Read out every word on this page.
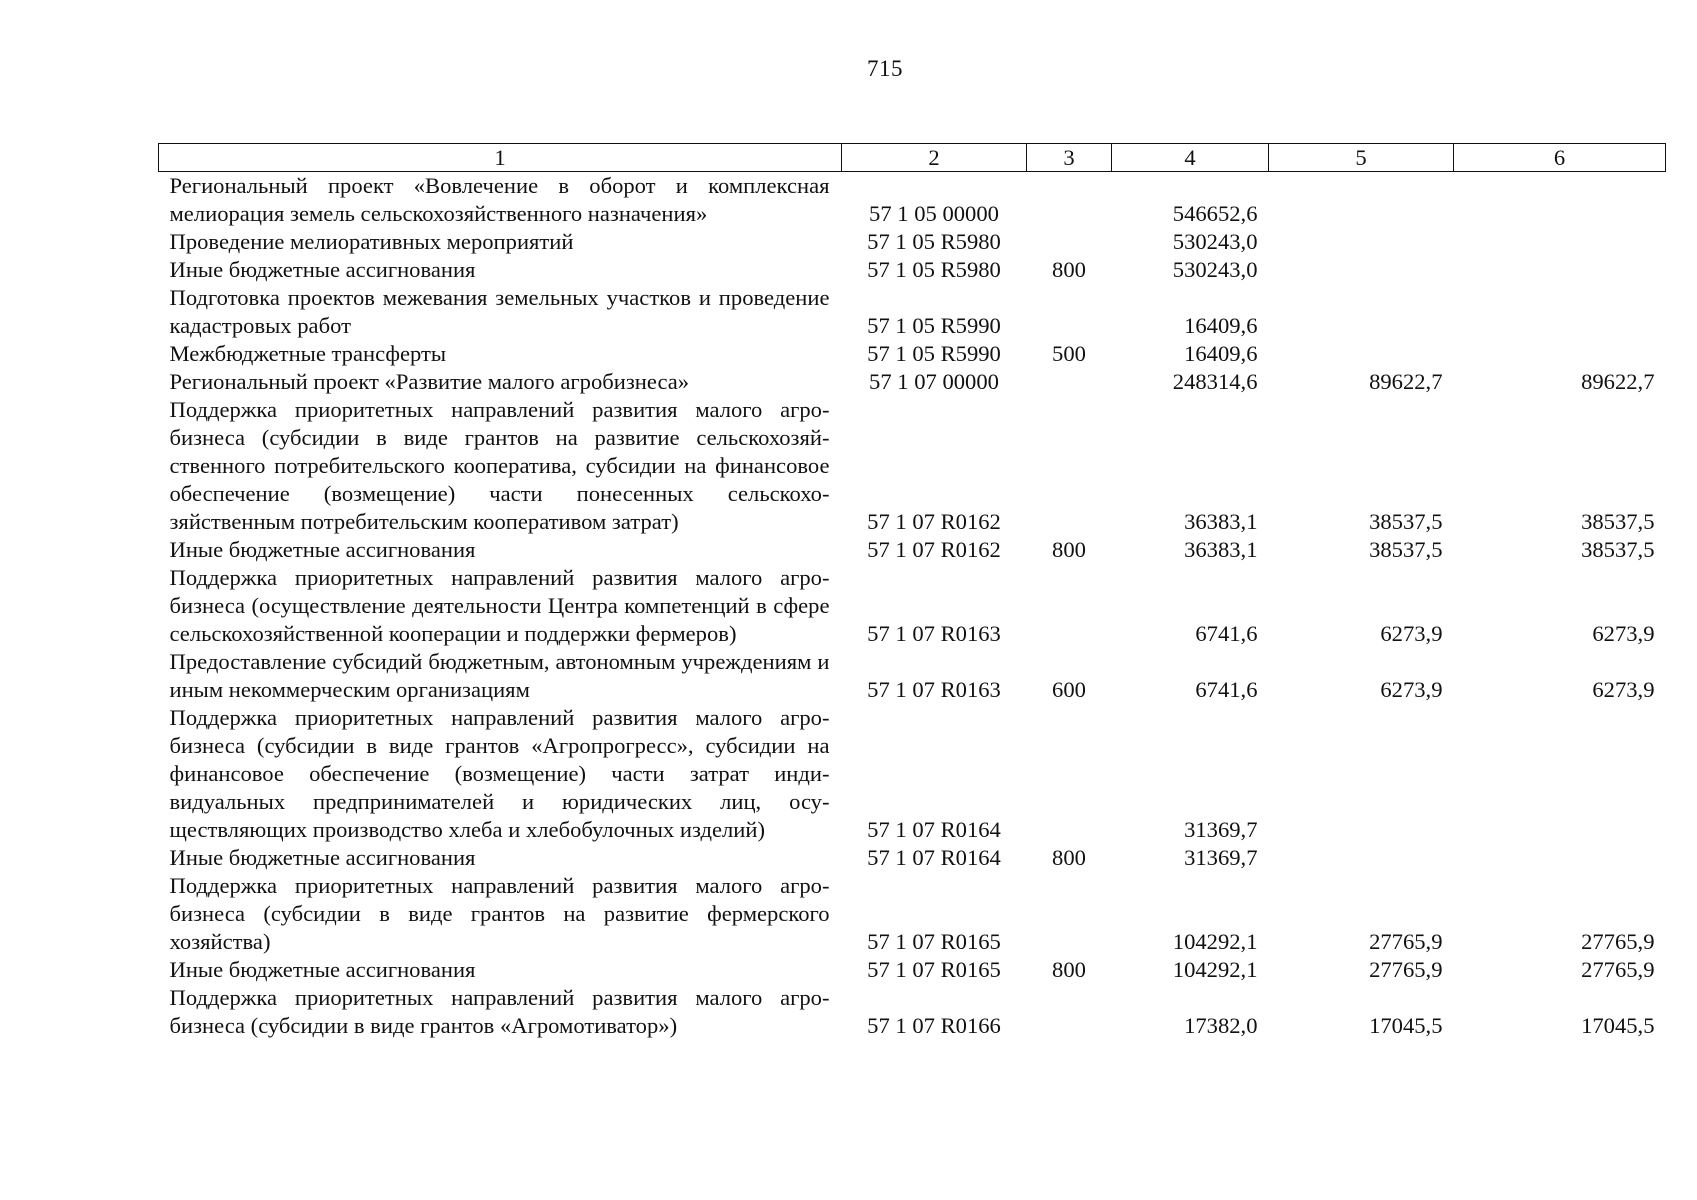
715
1	2	3	4	5	6
Региональный проект «Вовлечение в оборот и комплексная мелиорация земель сельскохозяйственного назначения»	57 1 05 00000		546652,6		
Проведение мелиоративных мероприятий	57 1 05 R5980		530243,0		
Иные бюджетные ассигнования	57 1 05 R5980	800	530243,0		
Подготовка проектов межевания земельных участков и проведение кадастровых работ	57 1 05 R5990		16409,6		
Межбюджетные трансферты	57 1 05 R5990	500	16409,6		
Региональный проект «Развитие малого агробизнеса»	57 1 07 00000		248314,6	89622,7	89622,7
Поддержка приоритетных направлений развития малого агробизнеса (субсидии в виде грантов на развитие сельскохозяйственного потребительского кооператива, субсидии на финансовое обеспечение (возмещение) части понесенных сельскохозяйственным потребительским кооперативом затрат)	57 1 07 R0162		36383,1	38537,5	38537,5
Иные бюджетные ассигнования	57 1 07 R0162	800	36383,1	38537,5	38537,5
Поддержка приоритетных направлений развития малого агробизнеса (осуществление деятельности Центра компетенций в сфере сельскохозяйственной кооперации и поддержки фермеров)	57 1 07 R0163		6741,6	6273,9	6273,9
Предоставление субсидий бюджетным, автономным учреждениям и иным некоммерческим организациям	57 1 07 R0163	600	6741,6	6273,9	6273,9
Поддержка приоритетных направлений развития малого агробизнеса (субсидии в виде грантов «Агропрогресс», субсидии на финансовое обеспечение (возмещение) части затрат индивидуальных предпринимателей и юридических лиц, осуществляющих производство хлеба и хлебобулочных изделий)	57 1 07 R0164		31369,7		
Иные бюджетные ассигнования	57 1 07 R0164	800	31369,7		
Поддержка приоритетных направлений развития малого агробизнеса (субсидии в виде грантов на развитие фермерского хозяйства)	57 1 07 R0165		104292,1	27765,9	27765,9
Иные бюджетные ассигнования	57 1 07 R0165	800	104292,1	27765,9	27765,9
Поддержка приоритетных направлений развития малого агробизнеса (субсидии в виде грантов «Агромотиватор»)	57 1 07 R0166		17382,0	17045,5	17045,5
